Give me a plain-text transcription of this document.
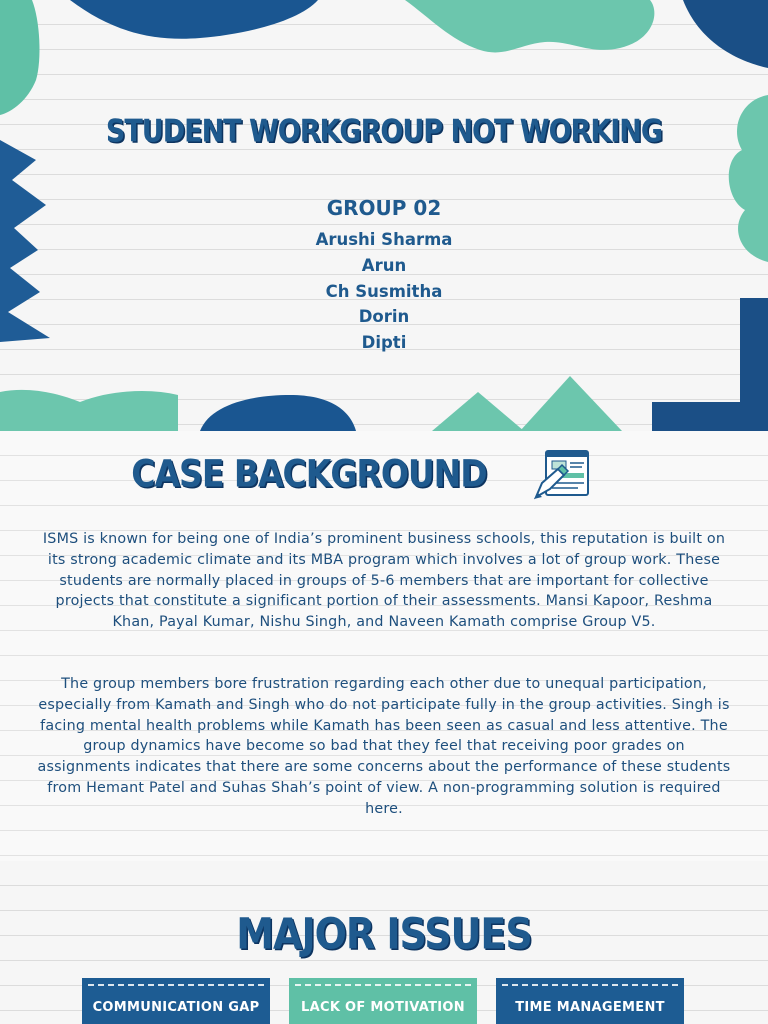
STUDENT WORKGROUP NOT WORKING
GROUP 02
Arushi Sharma
Arun
Ch Susmitha
Dorin
Dipti
CASE BACKGROUND

ISMS is known for being one of India’s prominent business schools, this reputation is built on its strong academic climate and its MBA program which involves a lot of group work. These students are normally placed in groups of 5-6 members that are important for collective projects that constitute a significant portion of their assessments. Mansi Kapoor, Reshma Khan, Payal Kumar, Nishu Singh, and Naveen Kamath comprise Group V5.

The group members bore frustration regarding each other due to unequal participation, especially from Kamath and Singh who do not participate fully in the group activities. Singh is facing mental health problems while Kamath has been seen as casual and less attentive. The group dynamics have become so bad that they feel that receiving poor grades on assignments indicates that there are some concerns about the performance of these students from Hemant Patel and Suhas Shah’s point of view. A non-programming solution is required here.

MAJOR ISSUES
COMMUNICATION GAP	LACK OF MOTIVATION	TIME MANAGEMENT
